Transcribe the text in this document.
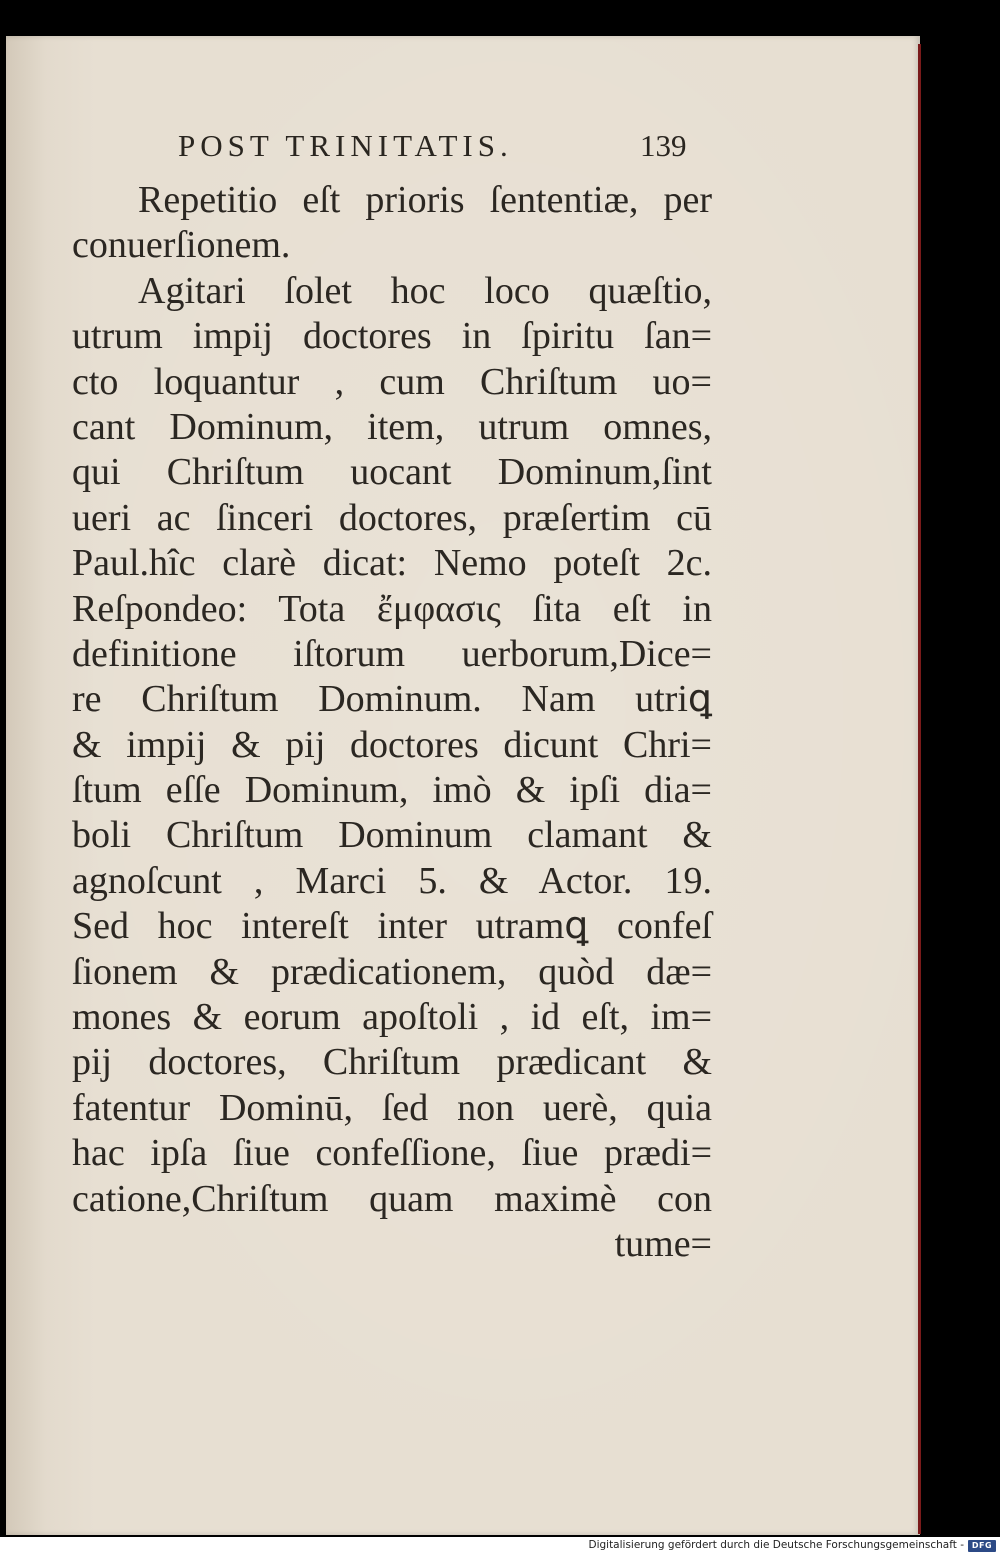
POST TRINITATIS.	139
Repetitio eſt prioris ſententiæ, per
conuerſionem.
Agitari ſolet hoc loco quæſtio,
utrum impij doctores in ſpiritu ſan=
cto loquantur , cum Chriſtum uo=
cant Dominum, item, utrum omnes,
qui Chriſtum uocant Dominum,ſint
ueri ac ſinceri doctores, præſertim cū
Paul.hîc clarè dicat: Nemo poteſt 2c.
Reſpondeo: Tota ἔμφασις ſita eſt in
definitione iſtorum uerborum,Dice=
re Chriſtum Dominum. Nam utriꝗ
& impij & pij doctores dicunt Chri=
ſtum eſſe Dominum, imò & ipſi dia=
boli Chriſtum Dominum clamant &
agnoſcunt , Marci 5. & Actor. 19.
Sed hoc intereſt inter utramꝗ confeſ
ſionem & prædicationem, quòd dæ=
mones & eorum apoſtoli , id eſt, im=
pij doctores, Chriſtum prædicant &
fatentur Dominū, ſed non uerè, quia
hac ipſa ſiue confeſſione, ſiue prædi=
catione,Chriſtum quam maximè con
tume=
Digitalisierung gefördert durch die Deutsche Forschungsgemeinschaft - DFG
